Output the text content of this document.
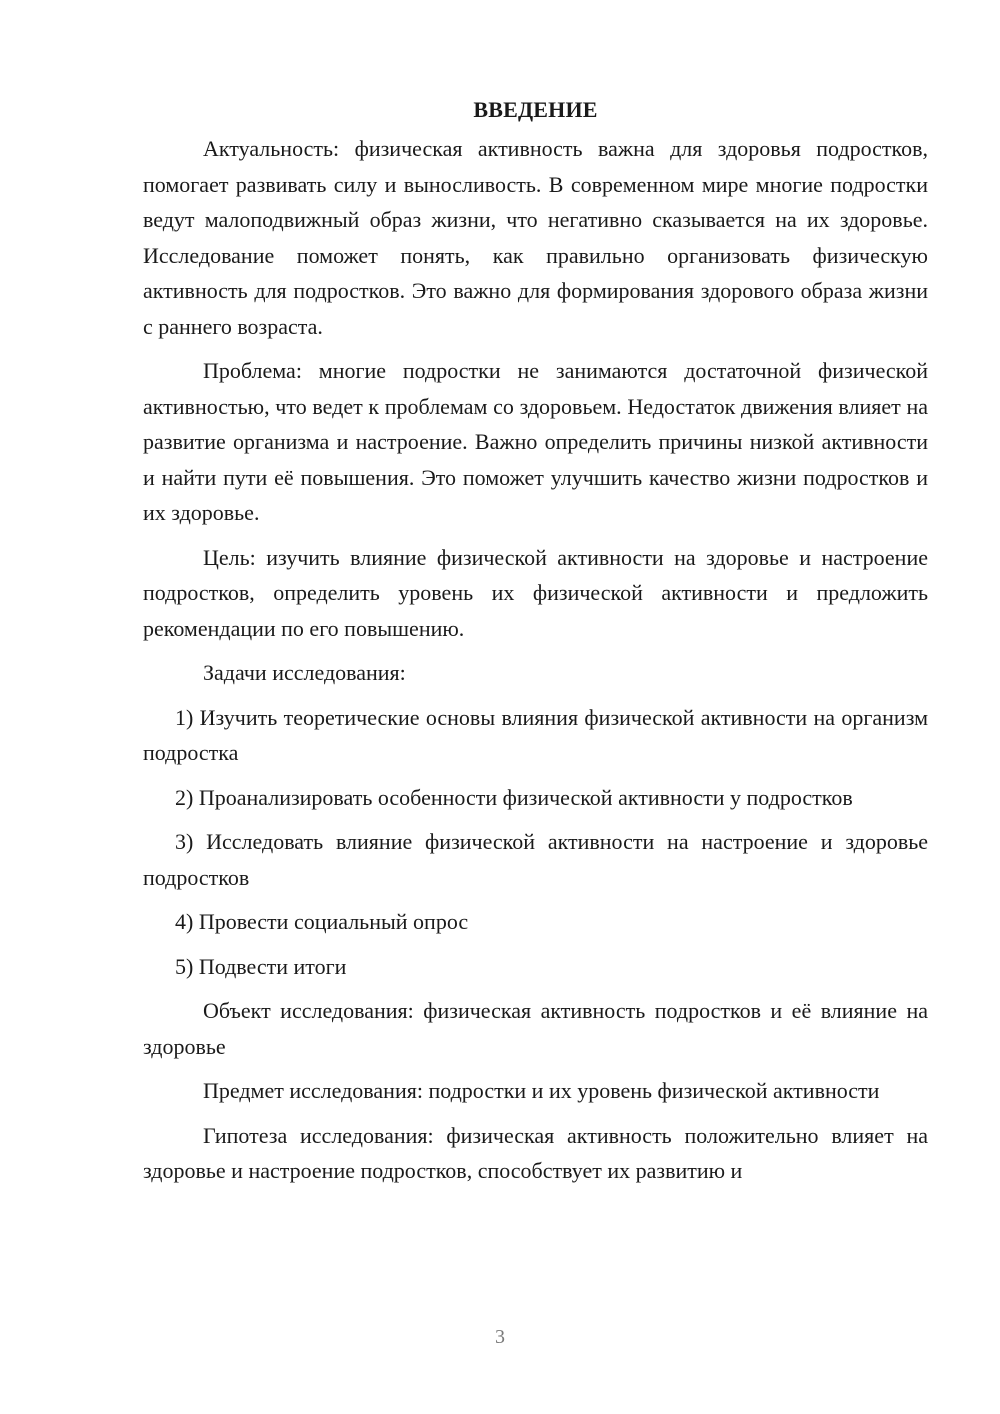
ВВЕДЕНИЕ

Актуальность: физическая активность важна для здоровья подростков, помогает развивать силу и выносливость. В современном мире многие подростки ведут малоподвижный образ жизни, что негативно сказывается на их здоровье. Исследование поможет понять, как правильно организовать физическую активность для подростков. Это важно для формирования здорового образа жизни с раннего возраста.

Проблема: многие подростки не занимаются достаточной физической активностью, что ведет к проблемам со здоровьем. Недостаток движения влияет на развитие организма и настроение. Важно определить причины низкой активности и найти пути её повышения. Это поможет улучшить качество жизни подростков и их здоровье.

Цель: изучить влияние физической активности на здоровье и настроение подростков, определить уровень их физической активности и предложить рекомендации по его повышению.

Задачи исследования:

1) Изучить теоретические основы влияния физической активности на организм подростка

2) Проанализировать особенности физической активности у подростков

3) Исследовать влияние физической активности на настроение и здоровье подростков

4) Провести социальный опрос

5) Подвести итоги

Объект исследования: физическая активность подростков и её влияние на здоровье

Предмет исследования: подростки и их уровень физической активности

Гипотеза исследования: физическая активность положительно влияет на здоровье и настроение подростков, способствует их развитию и

3
